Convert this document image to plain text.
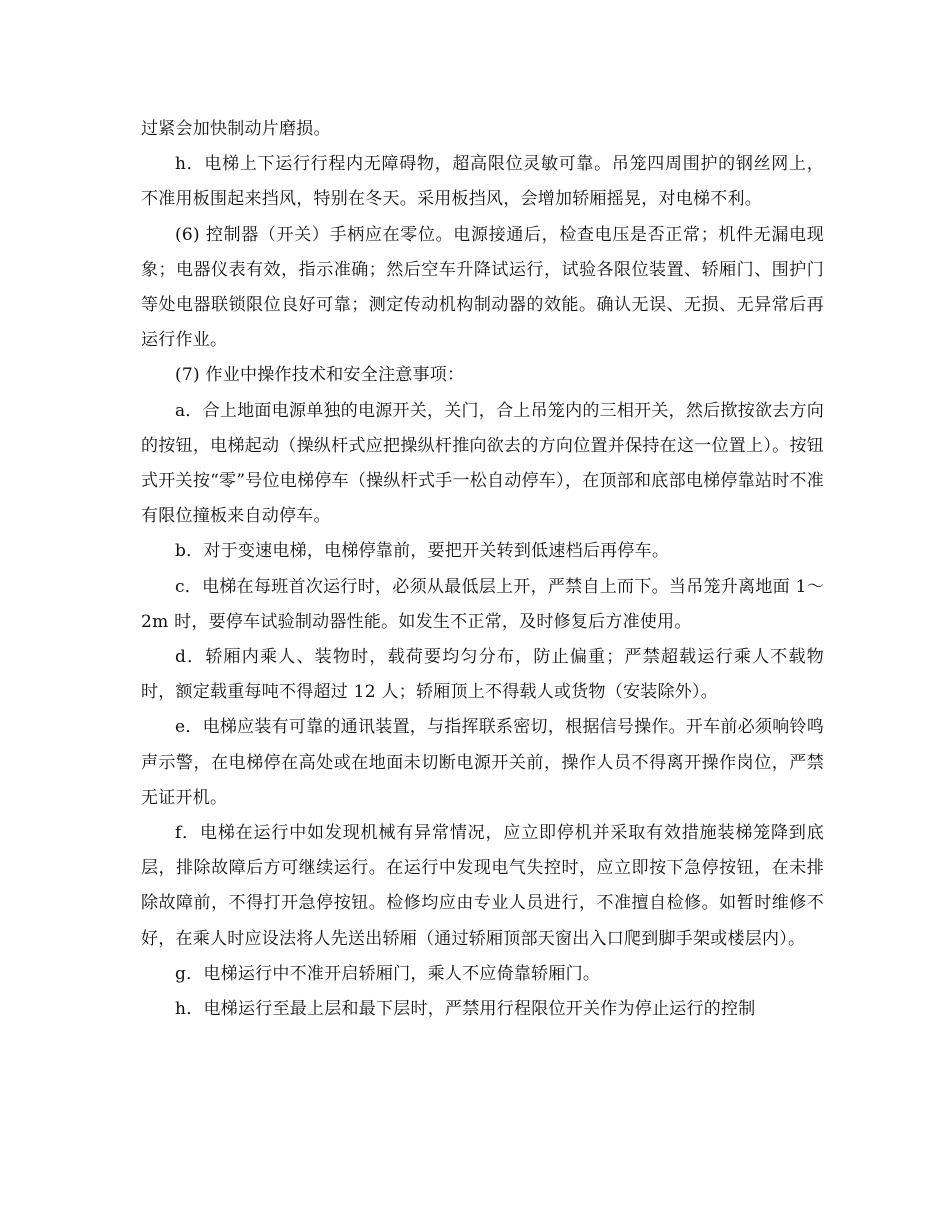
过紧会加快制动片磨损。

h．电梯上下运行行程内无障碍物，超高限位灵敏可靠。吊笼四周围护的钢丝网上，不准用板围起来挡风，特别在冬天。采用板挡风，会增加轿厢摇晃，对电梯不利。

(6) 控制器（开关）手柄应在零位。电源接通后，检查电压是否正常；机件无漏电现象；电器仪表有效，指示准确；然后空车升降试运行，试验各限位装置、轿厢门、围护门等处电器联锁限位良好可靠；测定传动机构制动器的效能。确认无误、无损、无异常后再运行作业。

(7) 作业中操作技术和安全注意事项：

a．合上地面电源单独的电源开关，关门，合上吊笼内的三相开关，然后揿按欲去方向的按钮，电梯起动（操纵杆式应把操纵杆推向欲去的方向位置并保持在这一位置上）。按钮式开关按“零”号位电梯停车（操纵杆式手一松自动停车），在顶部和底部电梯停靠站时不准有限位撞板来自动停车。

b．对于变速电梯，电梯停靠前，要把开关转到低速档后再停车。

c．电梯在每班首次运行时，必须从最低层上开，严禁自上而下。当吊笼升离地面 1～2m 时，要停车试验制动器性能。如发生不正常，及时修复后方准使用。

d．轿厢内乘人、装物时，载荷要均匀分布，防止偏重；严禁超载运行乘人不载物时，额定载重每吨不得超过 12 人；轿厢顶上不得载人或货物（安装除外）。

e．电梯应装有可靠的通讯装置，与指挥联系密切，根据信号操作。开车前必须响铃鸣声示警，在电梯停在高处或在地面未切断电源开关前，操作人员不得离开操作岗位，严禁无证开机。

f．电梯在运行中如发现机械有异常情况，应立即停机并采取有效措施装梯笼降到底层，排除故障后方可继续运行。在运行中发现电气失控时，应立即按下急停按钮，在未排除故障前，不得打开急停按钮。检修均应由专业人员进行，不准擅自检修。如暂时维修不好，在乘人时应设法将人先送出轿厢（通过轿厢顶部天窗出入口爬到脚手架或楼层内）。

g．电梯运行中不准开启轿厢门，乘人不应倚靠轿厢门。

h．电梯运行至最上层和最下层时，严禁用行程限位开关作为停止运行的控制
